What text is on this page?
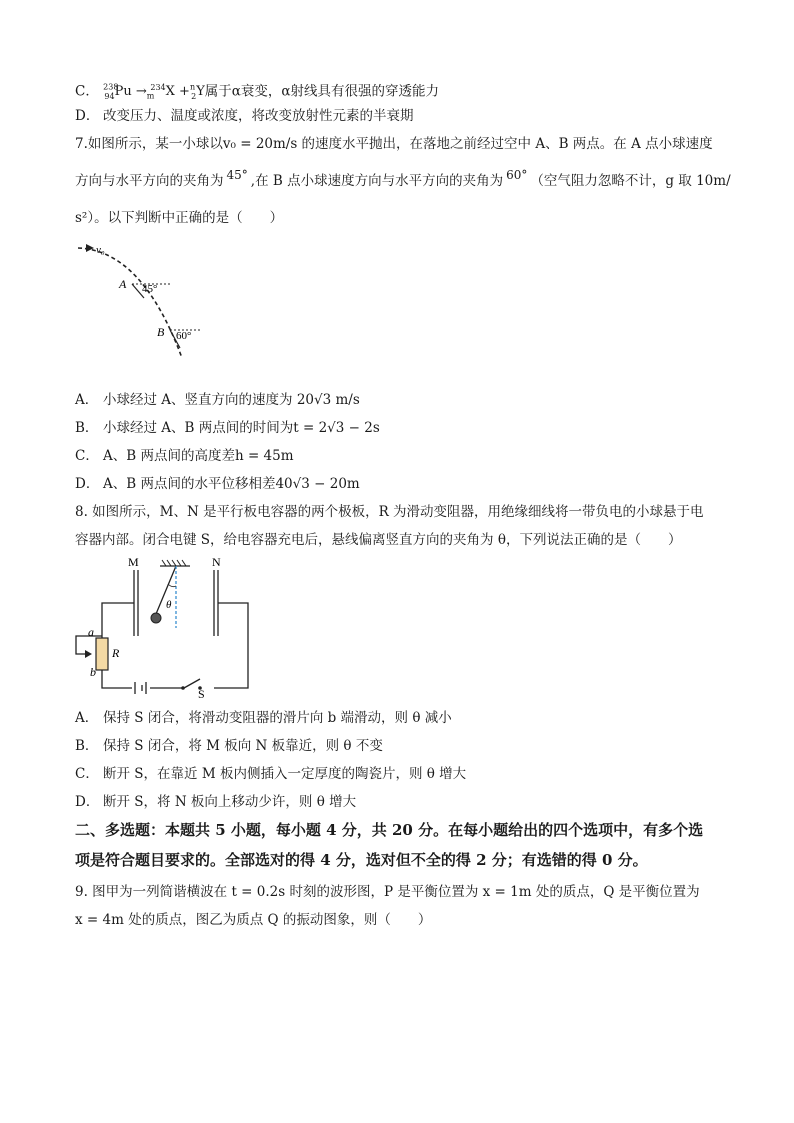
C． $^{238}_{94}Pu \to_m^{234}X +^n_2Y$属于α衰变，α射线具有很强的穿透能力
D． 改变压力、温度或浓度，将改变放射性元素的半衰期
7.如图所示，某一小球以v₀ = 20m/s 的速度水平抛出，在落地之前经过空中 A、B 两点。在 A 点小球速度
方向与水平方向的夹角为 45° ,在 B 点小球速度方向与水平方向的夹角为 60° （空气阻力忽略不计，g 取 10m/
s²）。以下判断中正确的是（　　）
v₀
A 45°
B 60°
A． 小球经过 A、竖直方向的速度为 20√3 m/s
B． 小球经过 A、B 两点间的时间为t = 2√3 − 2s
C． A、B 两点间的高度差h = 45m
D． A、B 两点间的水平位移相差40√3 − 20m
8. 如图所示，M、N 是平行板电容器的两个极板，R 为滑动变阻器，用绝缘细线将一带负电的小球悬于电
容器内部。闭合电键 S，给电容器充电后，悬线偏离竖直方向的夹角为 θ，下列说法正确的是（　　）
M	N
θ
a
R
b
S
A． 保持 S 闭合，将滑动变阻器的滑片向 b 端滑动，则 θ 减小
B． 保持 S 闭合，将 M 板向 N 板靠近，则 θ 不变
C． 断开 S，在靠近 M 板内侧插入一定厚度的陶瓷片，则 θ 增大
D． 断开 S，将 N 板向上移动少许，则 θ 增大
二、多选题：本题共 5 小题，每小题 4 分，共 20 分。在每小题给出的四个选项中，有多个选
项是符合题目要求的。全部选对的得 4 分，选对但不全的得 2 分；有选错的得 0 分。
9. 图甲为一列简谐横波在 t = 0.2s 时刻的波形图，P 是平衡位置为 x = 1m 处的质点，Q 是平衡位置为
x = 4m 处的质点，图乙为质点 Q 的振动图象，则（　　）
